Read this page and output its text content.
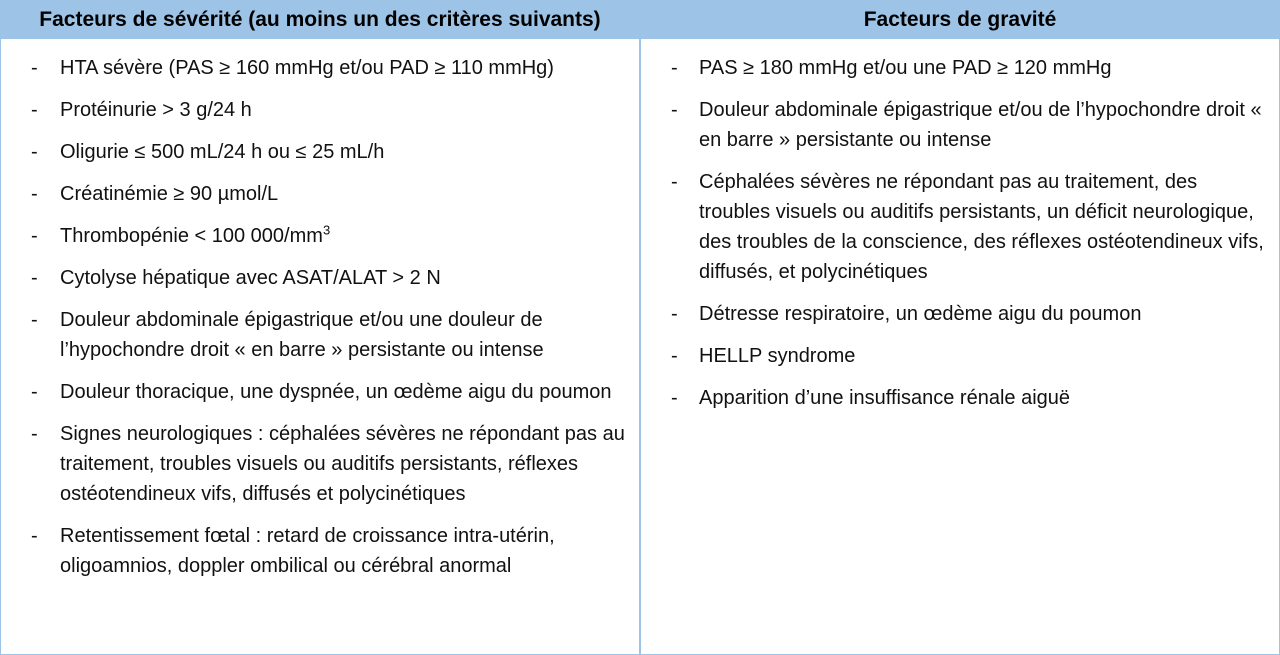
Facteurs de sévérité (au moins un des critères suivants)	Facteurs de gravité
- HTA sévère (PAS ≥ 160 mmHg et/ou PAD ≥ 110 mmHg)
- Protéinurie > 3 g/24 h
- Oligurie ≤ 500 mL/24 h ou ≤ 25 mL/h
- Créatinémie ≥ 90 µmol/L
- Thrombopénie < 100 $000/mm^3$
- Cytolyse hépatique avec ASAT/ALAT > 2 N
- Douleur abdominale épigastrique et/ou une douleur de l’hypochondre droit « en barre » persistante ou intense
- Douleur thoracique, une dyspnée, un œdème aigu du poumon
- Signes neurologiques : céphalées sévères ne répondant pas au traitement, troubles visuels ou auditifs persistants, réflexes ostéotendineux vifs, diffusés et polycinétiques
- Retentissement fœtal : retard de croissance intra-utérin, oligoamnios, doppler ombilical ou cérébral anormal
- PAS ≥ 180 mmHg et/ou une PAD ≥ 120 mmHg
- Douleur abdominale épigastrique et/ou de l’hypochondre droit « en barre » persistante ou intense
- Céphalées sévères ne répondant pas au traitement, des troubles visuels ou auditifs persistants, un déficit neurologique, des troubles de la conscience, des réflexes ostéotendineux vifs, diffusés, et polycinétiques
- Détresse respiratoire, un œdème aigu du poumon
- HELLP syndrome
- Apparition d’une insuffisance rénale aiguë
